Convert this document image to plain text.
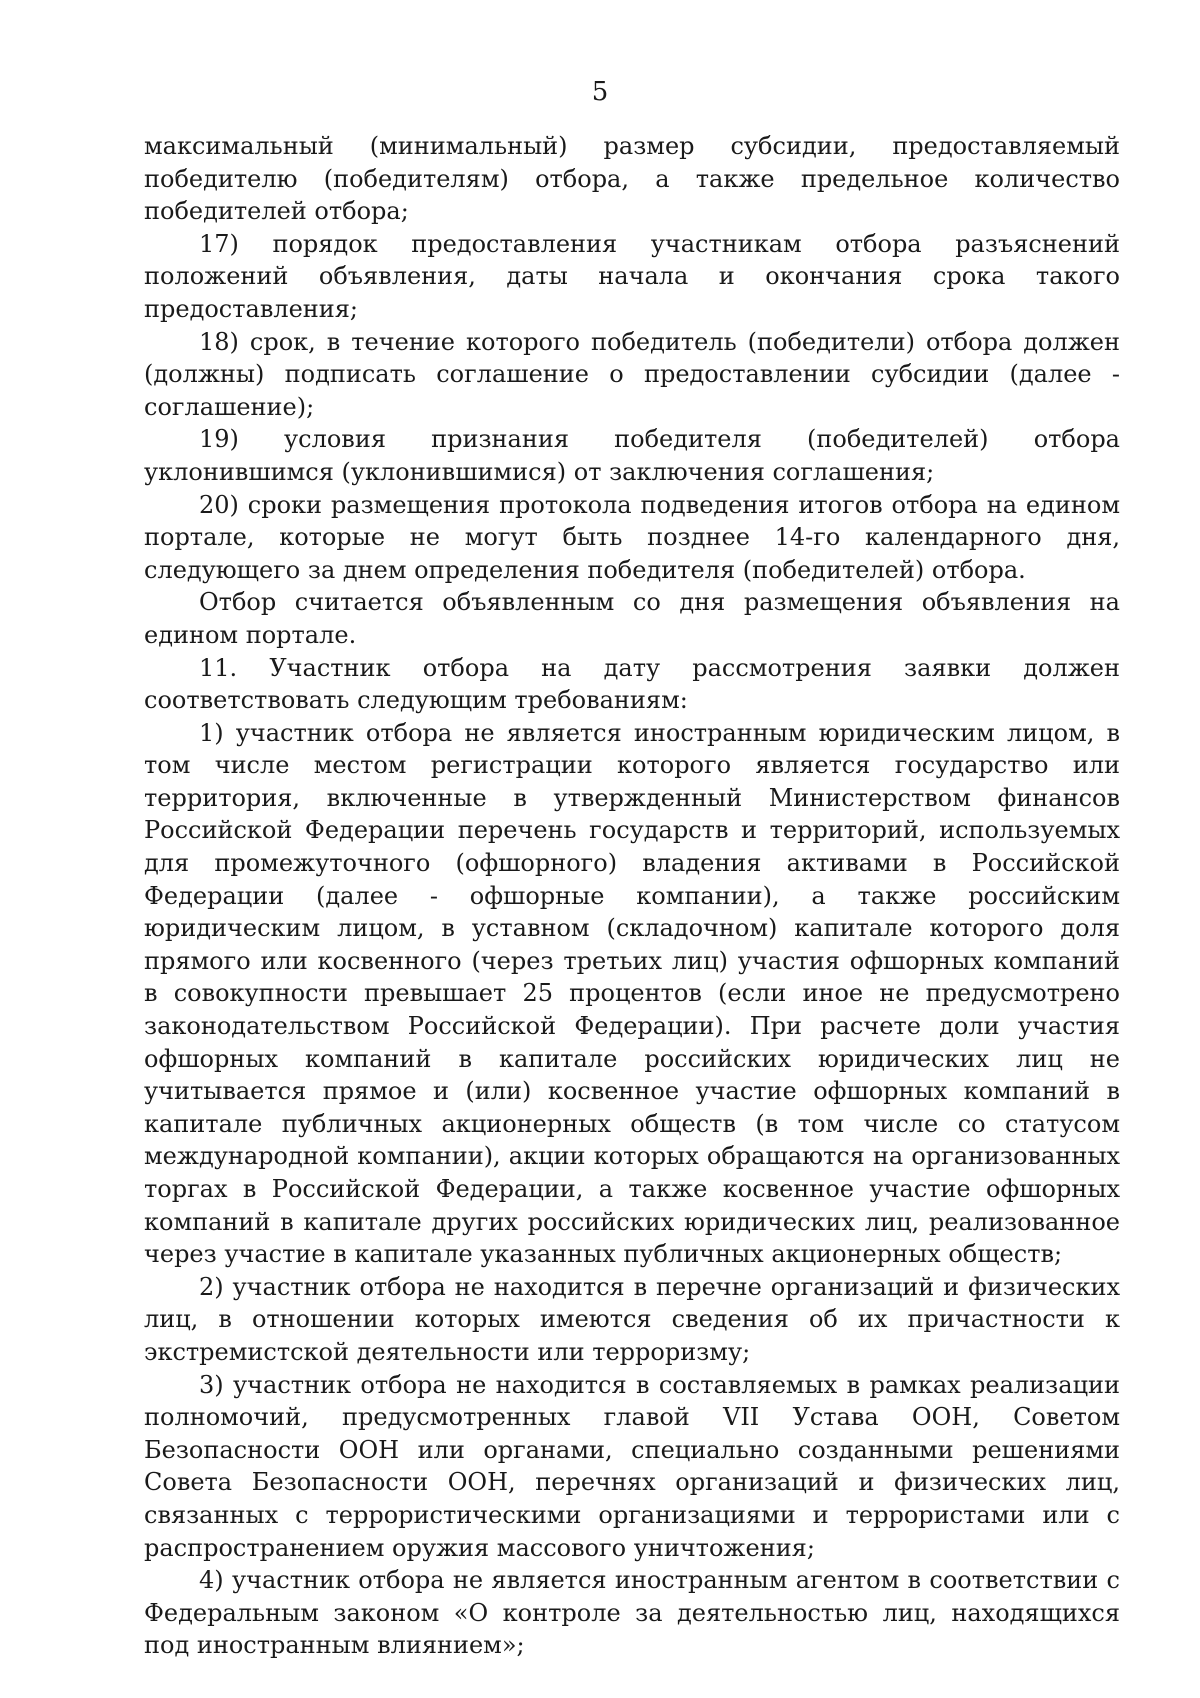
5

максимальный (минимальный) размер субсидии, предоставляемый победителю (победителям) отбора, а также предельное количество победителей отбора;

17) порядок предоставления участникам отбора разъяснений положений объявления, даты начала и окончания срока такого предоставления;

18) срок, в течение которого победитель (победители) отбора должен (должны) подписать соглашение о предоставлении субсидии (далее - соглашение);

19) условия признания победителя (победителей) отбора уклонившимся (уклонившимися) от заключения соглашения;

20) сроки размещения протокола подведения итогов отбора на едином портале, которые не могут быть позднее 14-го календарного дня, следующего за днем определения победителя (победителей) отбора.

Отбор считается объявленным со дня размещения объявления на едином портале.

11. Участник отбора на дату рассмотрения заявки должен соответствовать следующим требованиям:

1) участник отбора не является иностранным юридическим лицом, в том числе местом регистрации которого является государство или территория, включенные в утвержденный Министерством финансов Российской Федерации перечень государств и территорий, используемых для промежуточного (офшорного) владения активами в Российской Федерации (далее - офшорные компании), а также российским юридическим лицом, в уставном (складочном) капитале которого доля прямого или косвенного (через третьих лиц) участия офшорных компаний в совокупности превышает 25 процентов (если иное не предусмотрено законодательством Российской Федерации). При расчете доли участия офшорных компаний в капитале российских юридических лиц не учитывается прямое и (или) косвенное участие офшорных компаний в капитале публичных акционерных обществ (в том числе со статусом международной компании), акции которых обращаются на организованных торгах в Российской Федерации, а также косвенное участие офшорных компаний в капитале других российских юридических лиц, реализованное через участие в капитале указанных публичных акционерных обществ;

2) участник отбора не находится в перечне организаций и физических лиц, в отношении которых имеются сведения об их причастности к экстремистской деятельности или терроризму;

3) участник отбора не находится в составляемых в рамках реализации полномочий, предусмотренных главой VII Устава ООН, Советом Безопасности ООН или органами, специально созданными решениями Совета Безопасности ООН, перечнях организаций и физических лиц, связанных с террористическими организациями и террористами или с распространением оружия массового уничтожения;

4) участник отбора не является иностранным агентом в соответствии с Федеральным законом «О контроле за деятельностью лиц, находящихся под иностранным влиянием»;
